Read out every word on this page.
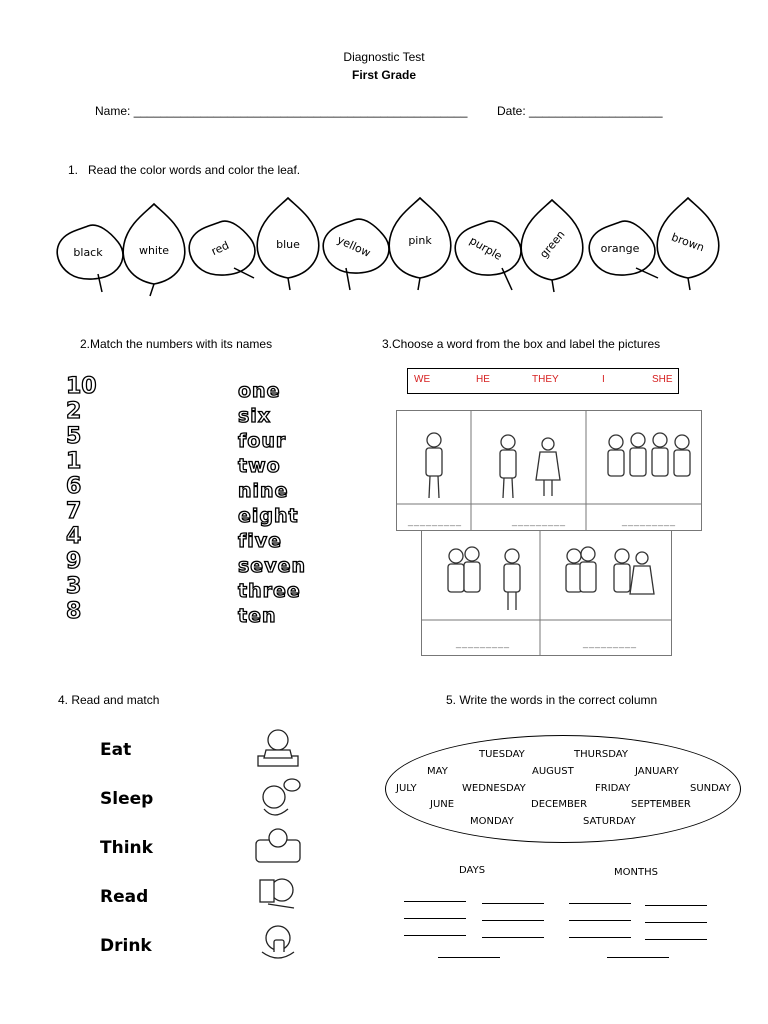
Diagnostic Test
First Grade
Name: __________________________________________________ Date: ____________________
1.   Read the color words and color the leaf.
black	white	red	blue	yellow	pink	purple	green	orange	brown
2.Match the numbers with its names
10
2
5
1
6
7
4
9
3
8
one
six
four
two
nine
eight
five
seven
three
ten
3.Choose a word from the box and label the pictures
WE	HE	THEY	I	SHE
_________	_________	_________
_________	_________
4. Read and match
Eat
Sleep
Think
Read
Drink
5. Write the words in the correct column
TUESDAY	THURSDAY
MAY	AUGUST	JANUARY
JULY	WEDNESDAY	FRIDAY	SUNDAY
JUNE	DECEMBER	SEPTEMBER
MONDAY	SATURDAY
DAYS	MONTHS
